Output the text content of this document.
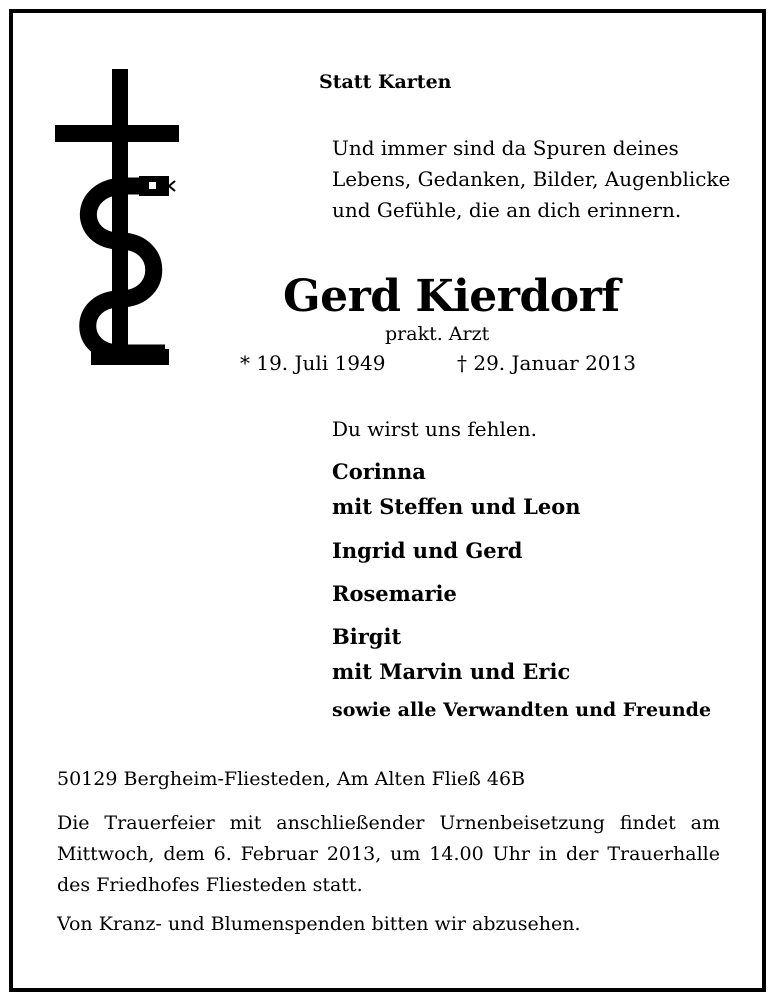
Statt Karten
Und immer sind da Spuren deines
Lebens, Gedanken, Bilder, Augenblicke
und Gefühle, die an dich erinnern.
Gerd Kierdorf
prakt. Arzt
* 19. Juli 1949	† 29. Januar 2013
Du wirst uns fehlen.
Corinna
mit Steffen und Leon
Ingrid und Gerd
Rosemarie
Birgit
mit Marvin und Eric
sowie alle Verwandten und Freunde
50129 Bergheim-Fliesteden, Am Alten Fließ 46B
Die Trauerfeier mit anschließender Urnenbeisetzung findet am Mittwoch, dem 6. Februar 2013, um 14.00 Uhr in der Trauerhalle des Friedhofes Fliesteden statt.
Von Kranz- und Blumenspenden bitten wir abzusehen.
